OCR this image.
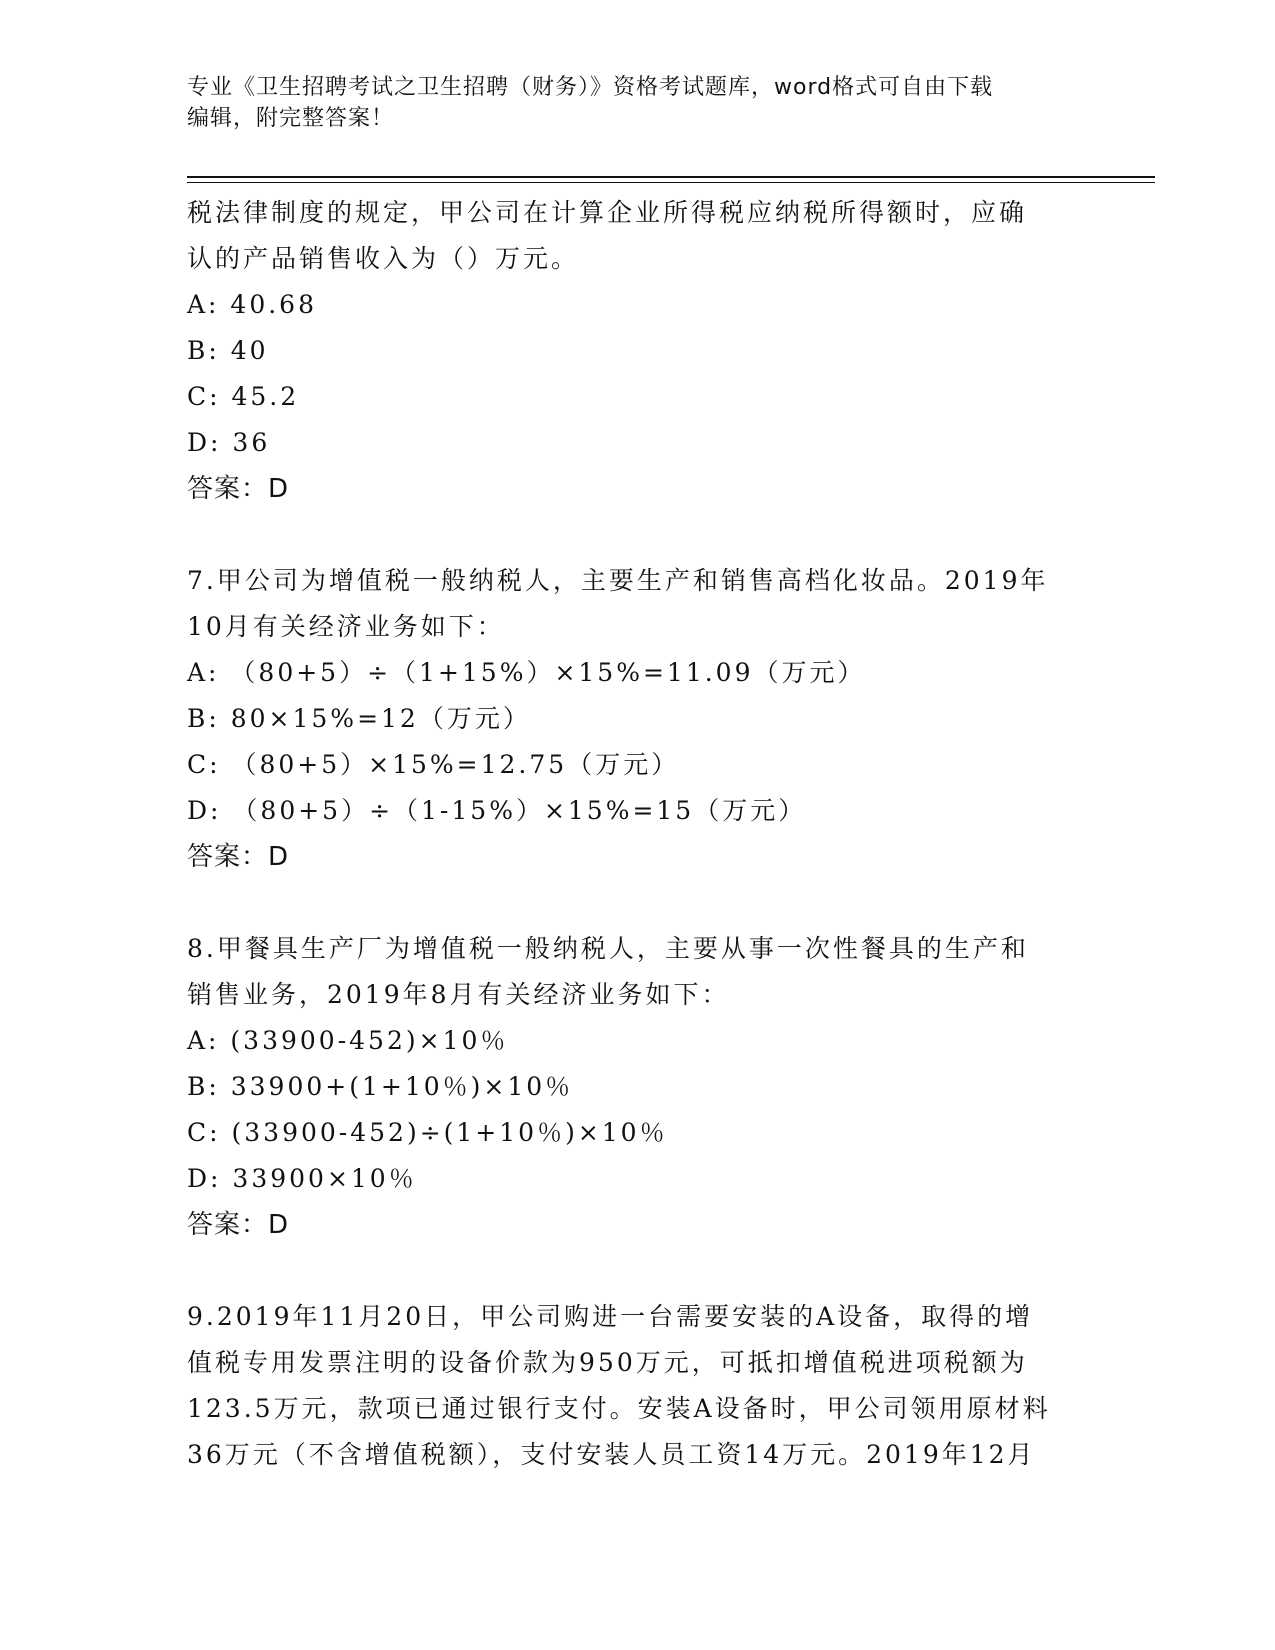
专业《卫生招聘考试之卫生招聘（财务）》资格考试题库，word格式可自由下载
编辑，附完整答案！
税法律制度的规定，甲公司在计算企业所得税应纳税所得额时，应确
认的产品销售收入为（）万元。
A: 40.68
B: 40
C: 45.2
D: 36
答案：D
7.甲公司为增值税一般纳税人，主要生产和销售高档化妆品。2019年
10月有关经济业务如下：
A: （80+5）÷（1+15%）×15%=11.09（万元）
B: 80×15%=12（万元）
C: （80+5）×15%=12.75（万元）
D: （80+5）÷（1-15%）×15%=15（万元）
答案：D
8.甲餐具生产厂为增值税一般纳税人，主要从事一次性餐具的生产和
销售业务，2019年8月有关经济业务如下：
A: (33900-452)×10％
B: 33900+(1+10％)×10％
C: (33900-452)÷(1+10％)×10％
D: 33900×10％
答案：D
9.2019年11月20日，甲公司购进一台需要安装的A设备，取得的增
值税专用发票注明的设备价款为950万元，可抵扣增值税进项税额为
123.5万元，款项已通过银行支付。安装A设备时，甲公司领用原材料
36万元（不含增值税额），支付安装人员工资14万元。2019年12月
